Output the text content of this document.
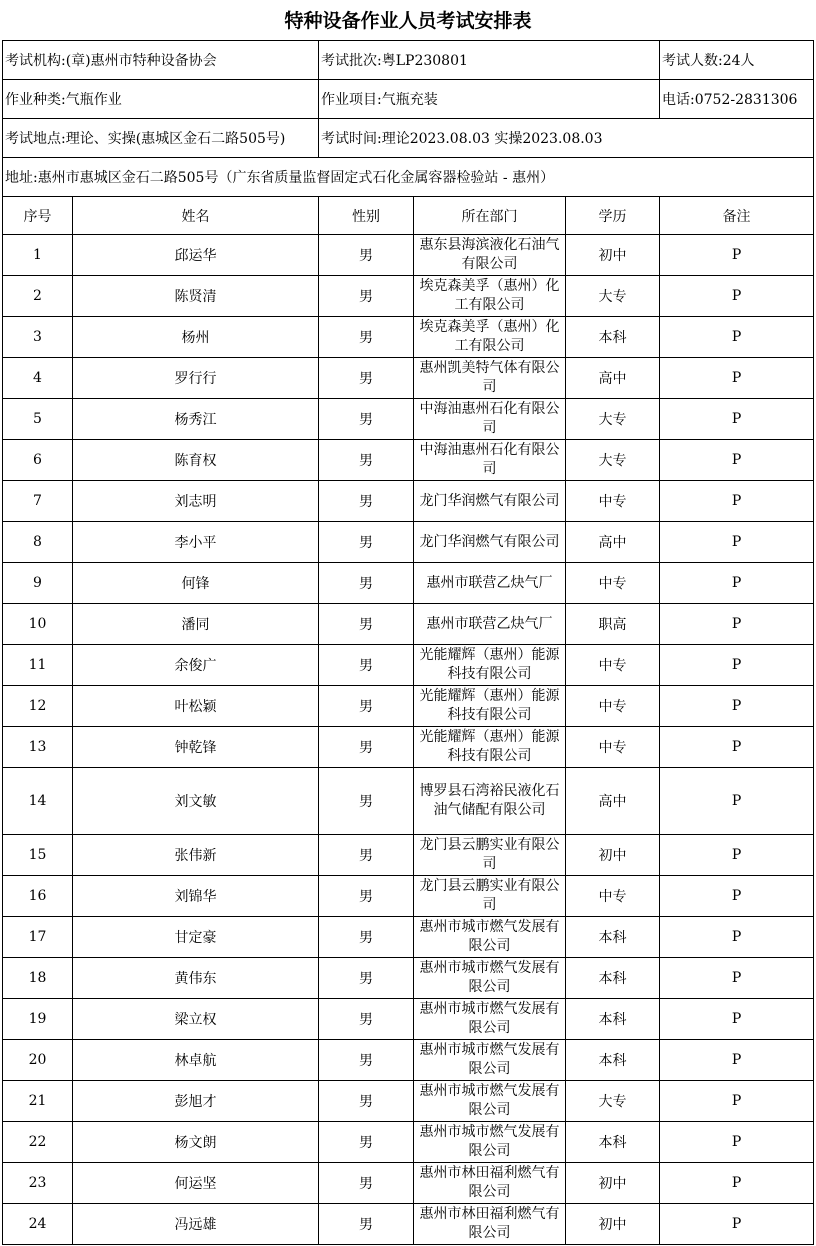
特种设备作业人员考试安排表
考试机构:(章)惠州市特种设备协会		考试批次:粤LP230801			考试人数:24人
作业种类:气瓶作业		作业项目:气瓶充装			电话:0752-2831306
考试地点:理论、实操(惠城区金石二路505号)		考试时间:理论2023.08.03 实操2023.08.03			
地址:惠州市惠城区金石二路505号（广东省质量监督固定式石化金属容器检验站 - 惠州）					
序号	姓名	性别	所在部门	学历	备注
1	邱运华	男	惠东县海滨液化石油气有限公司	初中	P
2	陈贤清	男	埃克森美孚（惠州）化工有限公司	大专	P
3	杨州	男	埃克森美孚（惠州）化工有限公司	本科	P
4	罗行行	男	惠州凯美特气体有限公司	高中	P
5	杨秀江	男	中海油惠州石化有限公司	大专	P
6	陈育权	男	中海油惠州石化有限公司	大专	P
7	刘志明	男	龙门华润燃气有限公司	中专	P
8	李小平	男	龙门华润燃气有限公司	高中	P
9	何锋	男	惠州市联营乙炔气厂	中专	P
10	潘同	男	惠州市联营乙炔气厂	职高	P
11	余俊广	男	光能耀辉（惠州）能源科技有限公司	中专	P
12	叶松颖	男	光能耀辉（惠州）能源科技有限公司	中专	P
13	钟乾锋	男	光能耀辉（惠州）能源科技有限公司	中专	P
14	刘文敏	男	博罗县石湾裕民液化石油气储配有限公司	高中	P
15	张伟新	男	龙门县云鹏实业有限公司	初中	P
16	刘锦华	男	龙门县云鹏实业有限公司	中专	P
17	甘定豪	男	惠州市城市燃气发展有限公司	本科	P
18	黄伟东	男	惠州市城市燃气发展有限公司	本科	P
19	梁立权	男	惠州市城市燃气发展有限公司	本科	P
20	林卓航	男	惠州市城市燃气发展有限公司	本科	P
21	彭旭才	男	惠州市城市燃气发展有限公司	大专	P
22	杨文朗	男	惠州市城市燃气发展有限公司	本科	P
23	何运坚	男	惠州市林田福利燃气有限公司	初中	P
24	冯远雄	男	惠州市林田福利燃气有限公司	初中	P
